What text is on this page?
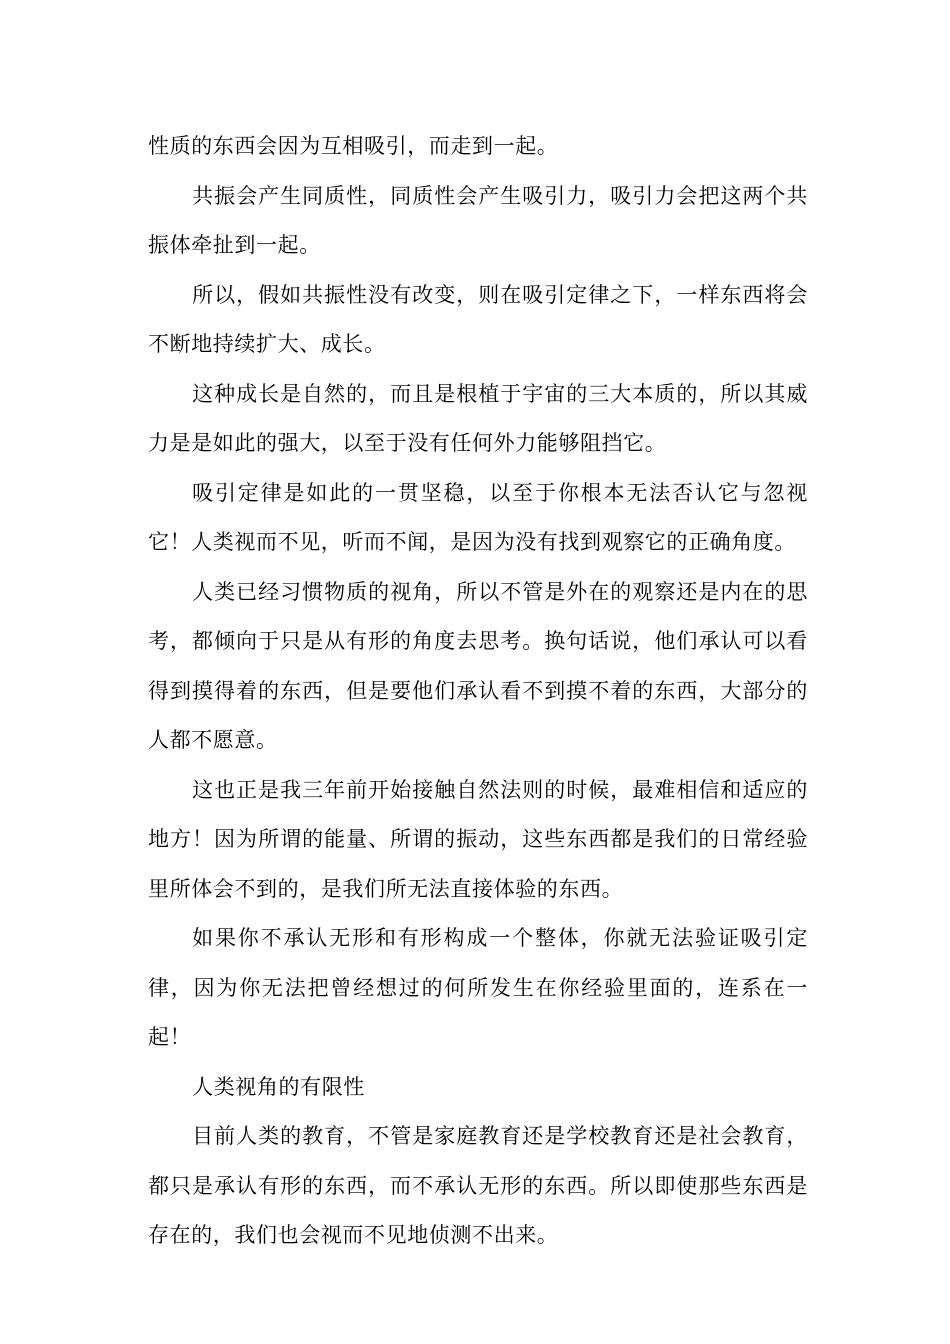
性质的东西会因为互相吸引，而走到一起。

共振会产生同质性，同质性会产生吸引力，吸引力会把这两个共振体牵扯到一起。

所以，假如共振性没有改变，则在吸引定律之下，一样东西将会不断地持续扩大、成长。

这种成长是自然的，而且是根植于宇宙的三大本质的，所以其威力是是如此的强大，以至于没有任何外力能够阻挡它。

吸引定律是如此的一贯坚稳，以至于你根本无法否认它与忽视它！人类视而不见，听而不闻，是因为没有找到观察它的正确角度。

人类已经习惯物质的视角，所以不管是外在的观察还是内在的思考，都倾向于只是从有形的角度去思考。换句话说，他们承认可以看得到摸得着的东西，但是要他们承认看不到摸不着的东西，大部分的人都不愿意。

这也正是我三年前开始接触自然法则的时候，最难相信和适应的地方！因为所谓的能量、所谓的振动，这些东西都是我们的日常经验里所体会不到的，是我们所无法直接体验的东西。

如果你不承认无形和有形构成一个整体，你就无法验证吸引定律，因为你无法把曾经想过的何所发生在你经验里面的，连系在一起！

人类视角的有限性

目前人类的教育，不管是家庭教育还是学校教育还是社会教育，都只是承认有形的东西，而不承认无形的东西。所以即使那些东西是存在的，我们也会视而不见地侦测不出来。
